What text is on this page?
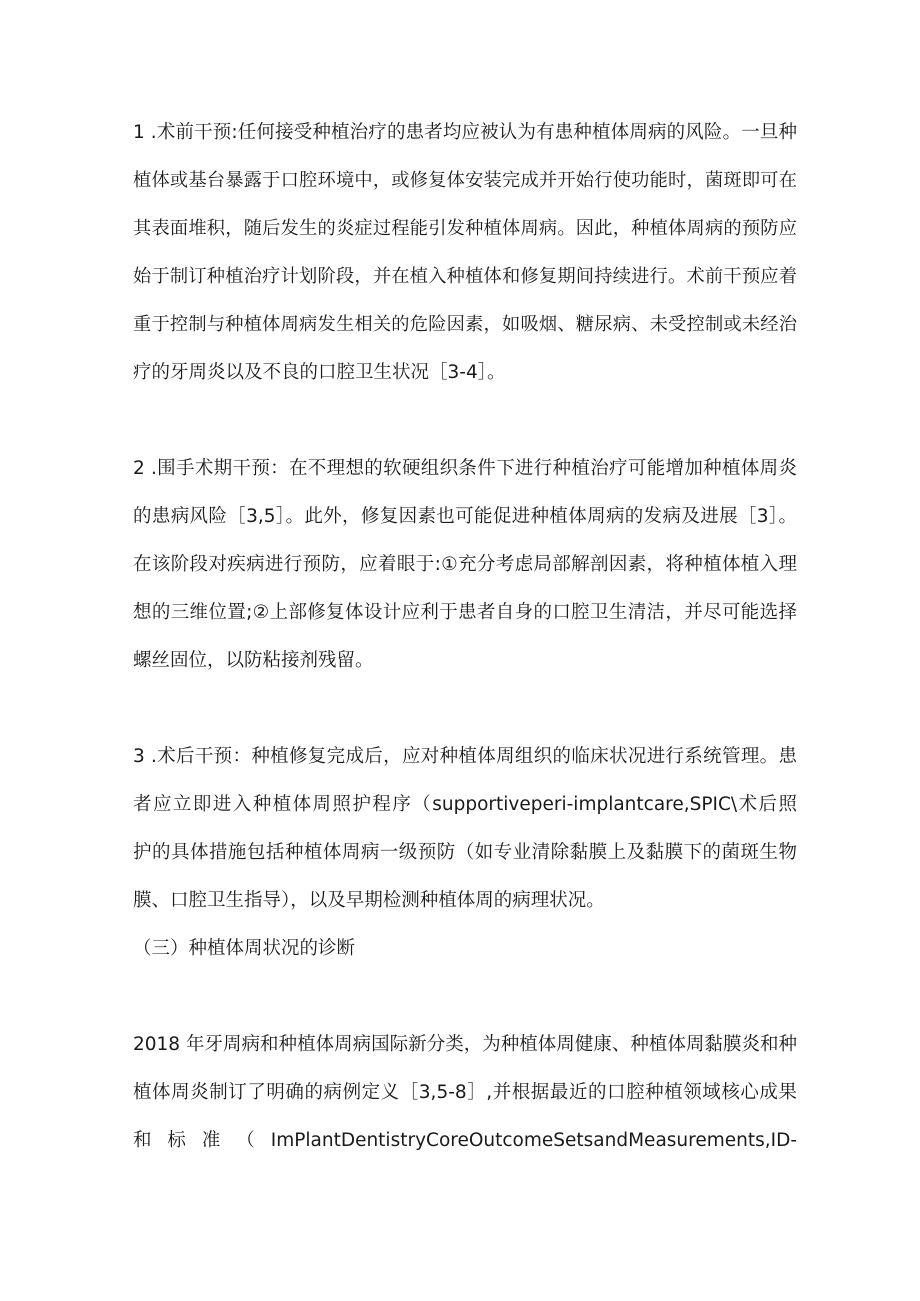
1 .术前干预:任何接受种植治疗的患者均应被认为有患种植体周病的风险。一旦种
植体或基台暴露于口腔环境中，或修复体安装完成并开始行使功能时，菌斑即可在
其表面堆积，随后发生的炎症过程能引发种植体周病。因此，种植体周病的预防应
始于制订种植治疗计划阶段，并在植入种植体和修复期间持续进行。术前干预应着
重于控制与种植体周病发生相关的危险因素，如吸烟、糖尿病、未受控制或未经治
疗的牙周炎以及不良的口腔卫生状况［3-4］。
2 .围手术期干预：在不理想的软硬组织条件下进行种植治疗可能增加种植体周炎
的患病风险［3,5］。此外，修复因素也可能促进种植体周病的发病及进展［3］。
在该阶段对疾病进行预防，应着眼于:①充分考虑局部解剖因素，将种植体植入理
想的三维位置;②上部修复体设计应利于患者自身的口腔卫生清洁，并尽可能选择
螺丝固位，以防粘接剂残留。
3 .术后干预：种植修复完成后，应对种植体周组织的临床状况进行系统管理。患
者应立即进入种植体周照护程序（supportiveperi-implantcare,SPIC\术后照
护的具体措施包括种植体周病一级预防（如专业清除黏膜上及黏膜下的菌斑生物
膜、口腔卫生指导），以及早期检测种植体周的病理状况。
（三）种植体周状况的诊断
2018 年牙周病和种植体周病国际新分类，为种植体周健康、种植体周黏膜炎和种
植体周炎制订了明确的病例定义［3,5-8］,并根据最近的口腔种植领域核心成果
和 标 准 （ ImPlantDentistryCoreOutcomeSetsandMeasurements,ID-
